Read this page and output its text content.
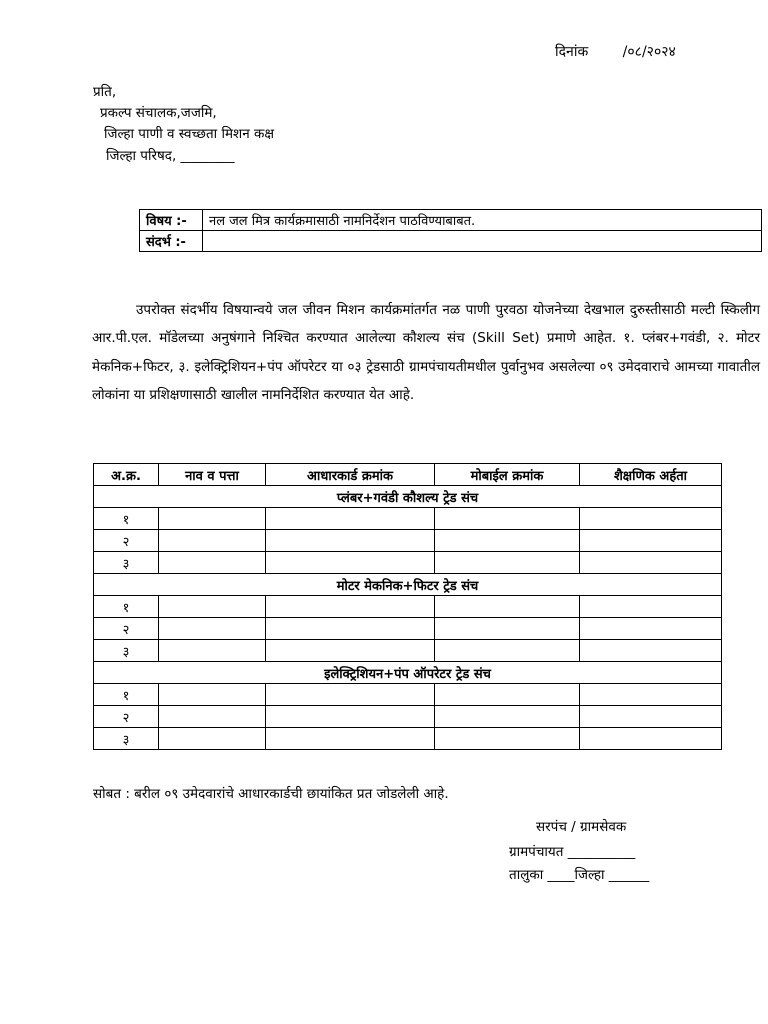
दिनांक /०८/२०२४
प्रति,
प्रकल्प संचालक,जजमि,
जिल्हा पाणी व स्वच्छता मिशन कक्ष
जिल्हा परिषद, ________
विषय :-	नल जल मित्र कार्यक्रमासाठी नामनिर्देशन पाठविण्याबाबत.
संदर्भ :-	
उपरोक्त संदर्भीय विषयान्वये जल जीवन मिशन कार्यक्रमांतर्गत नळ पाणी पुरवठा योजनेच्या देखभाल दुरुस्तीसाठी मल्टी स्किलीग आर.पी.एल. मॉडेलच्या अनुषंगाने निश्चित करण्यात आलेल्या कौशल्य संच (Skill Set) प्रमाणे आहेत. १. प्लंबर+गवंडी, २. मोटर मेकनिक+फिटर, ३. इलेक्ट्रिशियन+पंप ऑपरेटर या ०३ ट्रेडसाठी ग्रामपंचायतीमधील पुर्वानुभव असलेल्या ०९ उमेदवाराचे आमच्या गावातील लोकांना या प्रशिक्षणासाठी खालील नामनिर्देशित करण्यात येत आहे.
अ.क्र.	नाव व पत्ता	आधारकार्ड क्रमांक	मोबाईल क्रमांक	शैक्षणिक अर्हता
प्लंबर+गवंडी कौशल्य ट्रेड संच				
१				
२				
३				
मोटर मेकनिक+फिटर ट्रेड संच				
१				
२				
३				
इलेक्ट्रिशियन+पंप ऑपरेटर ट्रेड संच				
१				
२				
३				
सोबत : बरील ०९ उमेदवारांचे आधारकार्डची छायांकित प्रत जोडलेली आहे.
सरपंच / ग्रामसेवक
ग्रामपंचायत __________
तालुका ____जिल्हा ______
